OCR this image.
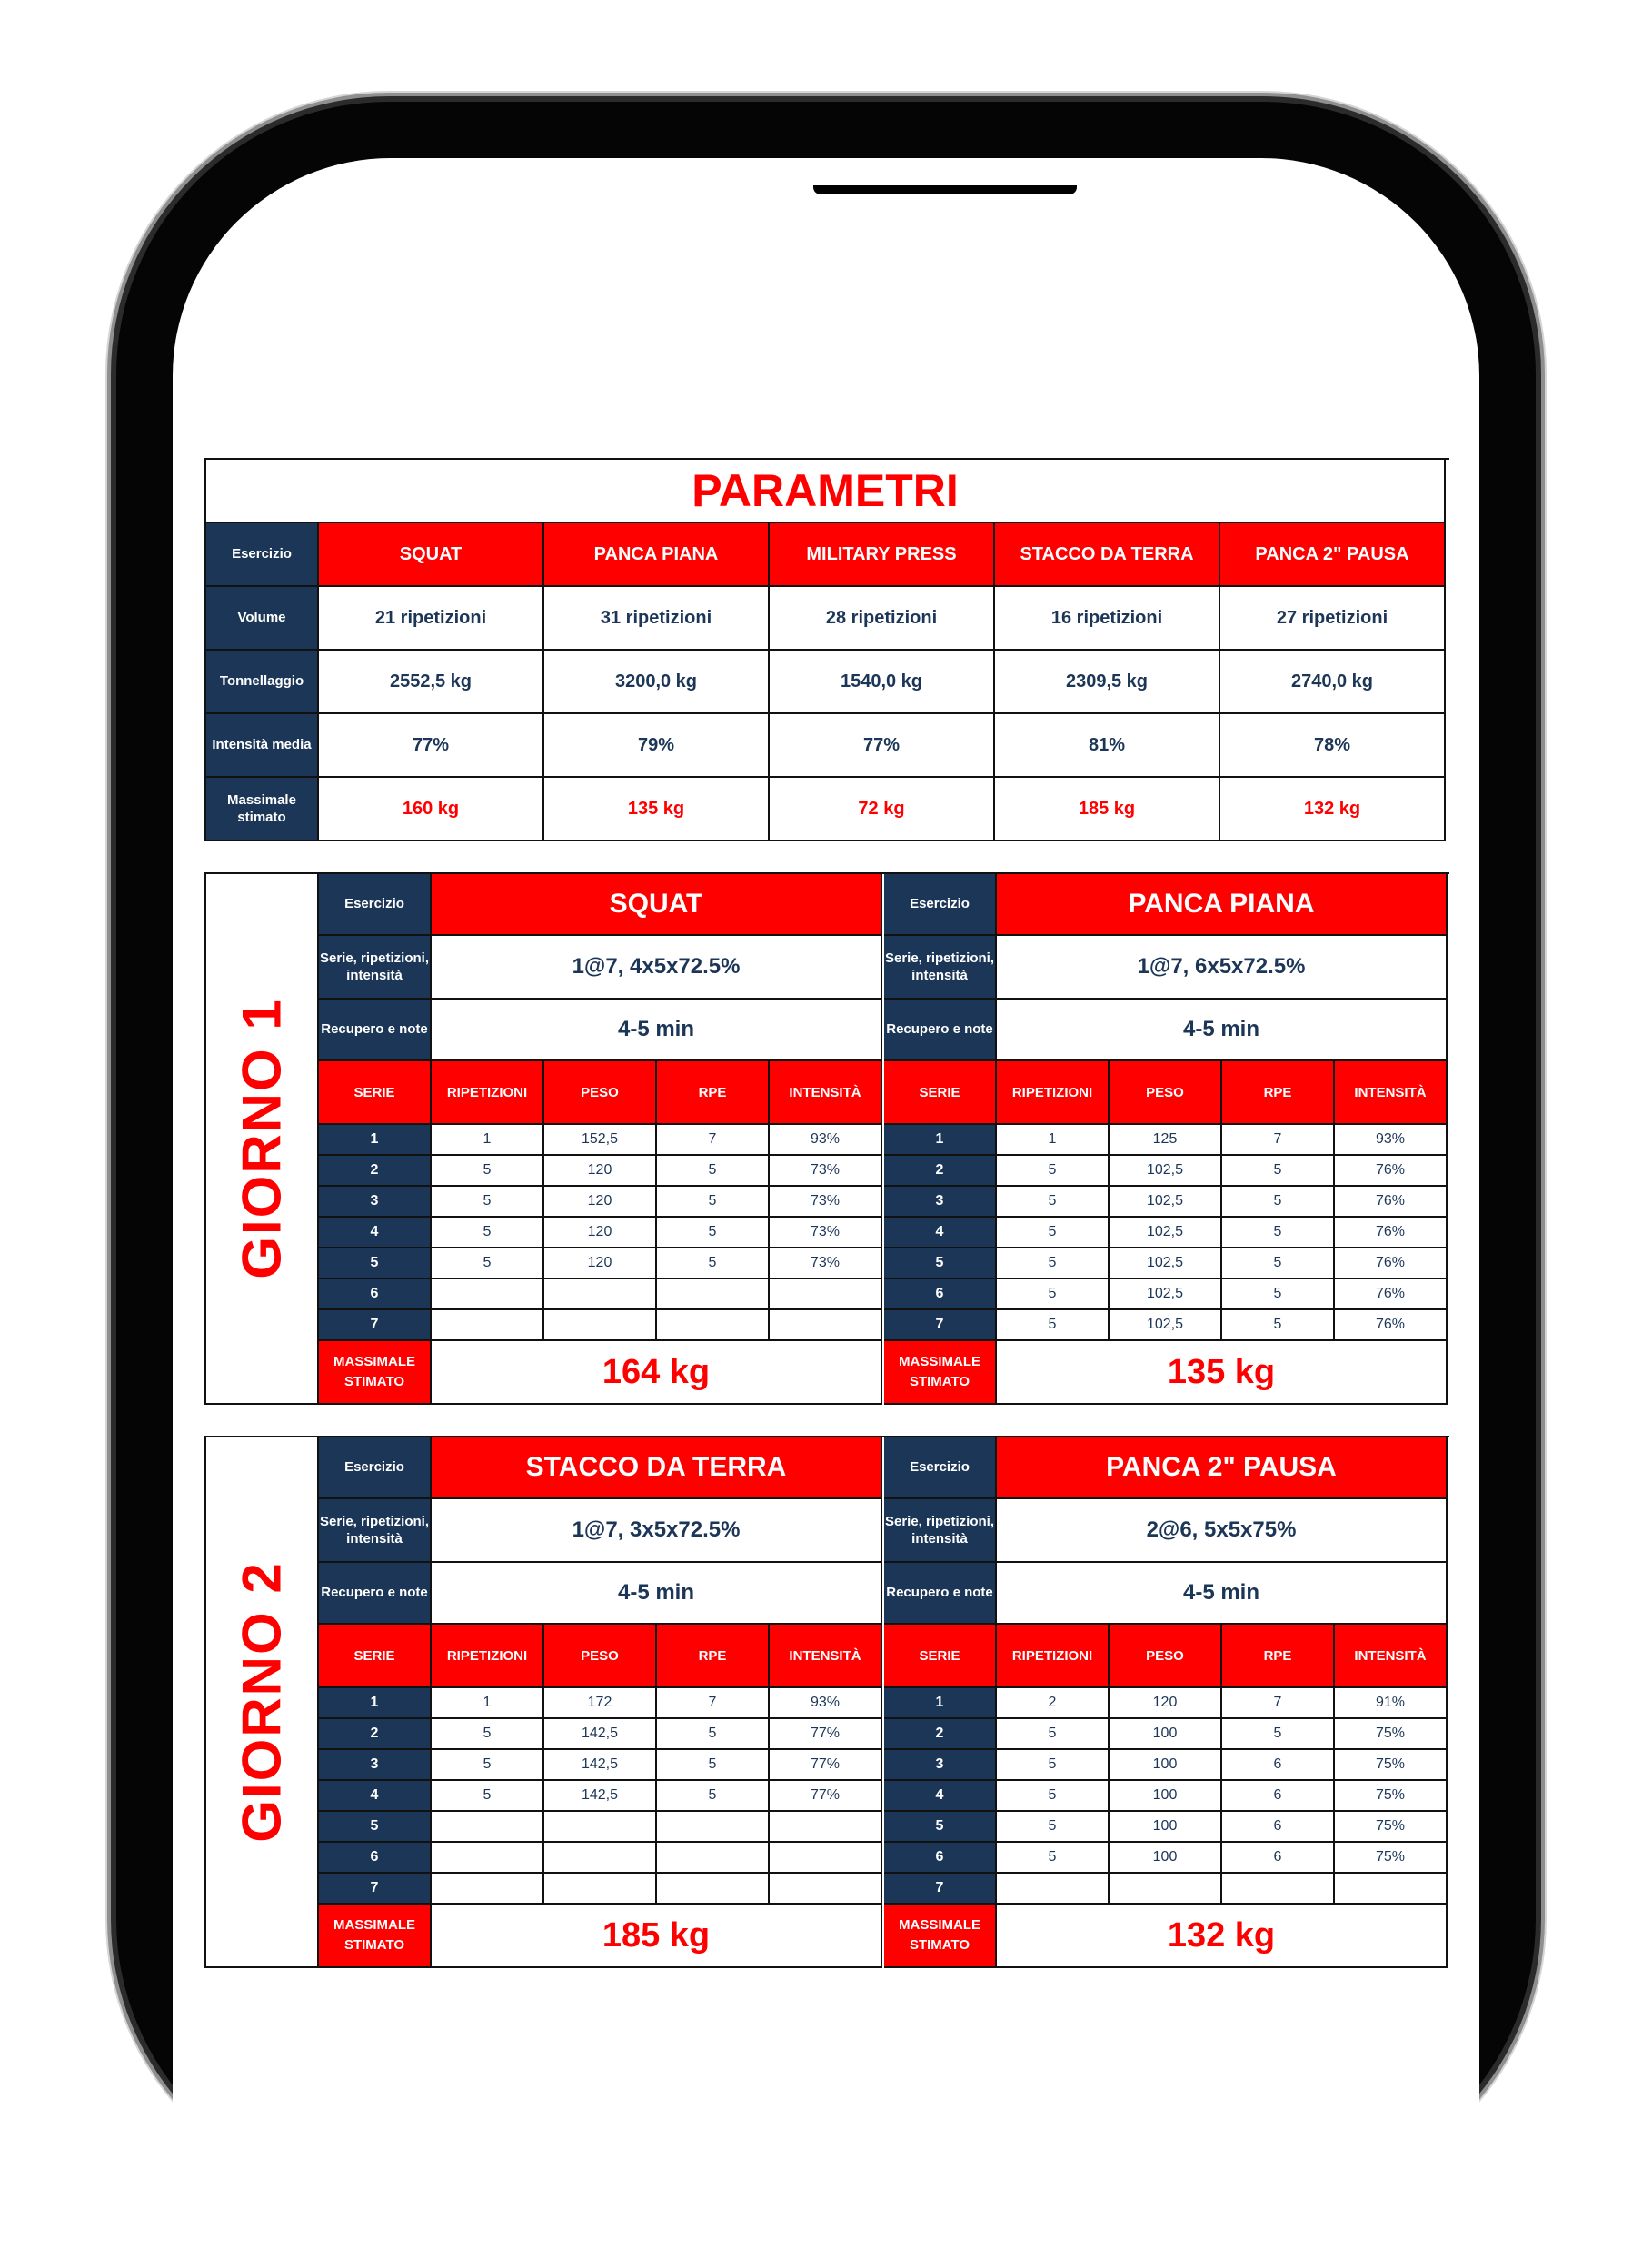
PARAMETRI
Esercizio	SQUAT	PANCA PIANA	MILITARY PRESS	STACCO DA TERRA	PANCA 2" PAUSA
Volume	21 ripetizioni	31 ripetizioni	28 ripetizioni	16 ripetizioni	27 ripetizioni
Tonnellaggio	2552,5 kg	3200,0 kg	1540,0 kg	2309,5 kg	2740,0 kg
Intensità media	77%	79%	77%	81%	78%
Massimale stimato	160 kg	135 kg	72 kg	185 kg	132 kg
GIORNO 1
Esercizio	SQUAT
Serie, ripetizioni, intensità	1@7, 4x5x72.5%
Recupero e note	4-5 min
SERIE	RIPETIZIONI	PESO	RPE	INTENSITÀ
1	1	152,5	7	93%
2	5	120	5	73%
3	5	120	5	73%
4	5	120	5	73%
5	5	120	5	73%
6
7
MASSIMALE STIMATO	164 kg
Esercizio	PANCA PIANA
Serie, ripetizioni, intensità	1@7, 6x5x72.5%
Recupero e note	4-5 min
SERIE	RIPETIZIONI	PESO	RPE	INTENSITÀ
1	1	125	7	93%
2	5	102,5	5	76%
3	5	102,5	5	76%
4	5	102,5	5	76%
5	5	102,5	5	76%
6	5	102,5	5	76%
7	5	102,5	5	76%
MASSIMALE STIMATO	135 kg
GIORNO 2
Esercizio	STACCO DA TERRA
Serie, ripetizioni, intensità	1@7, 3x5x72.5%
Recupero e note	4-5 min
SERIE	RIPETIZIONI	PESO	RPE	INTENSITÀ
1	1	172	7	93%
2	5	142,5	5	77%
3	5	142,5	5	77%
4	5	142,5	5	77%
5
6
7
MASSIMALE STIMATO	185 kg
Esercizio	PANCA 2" PAUSA
Serie, ripetizioni, intensità	2@6, 5x5x75%
Recupero e note	4-5 min
SERIE	RIPETIZIONI	PESO	RPE	INTENSITÀ
1	2	120	7	91%
2	5	100	5	75%
3	5	100	6	75%
4	5	100	6	75%
5	5	100	6	75%
6	5	100	6	75%
7
MASSIMALE STIMATO	132 kg
